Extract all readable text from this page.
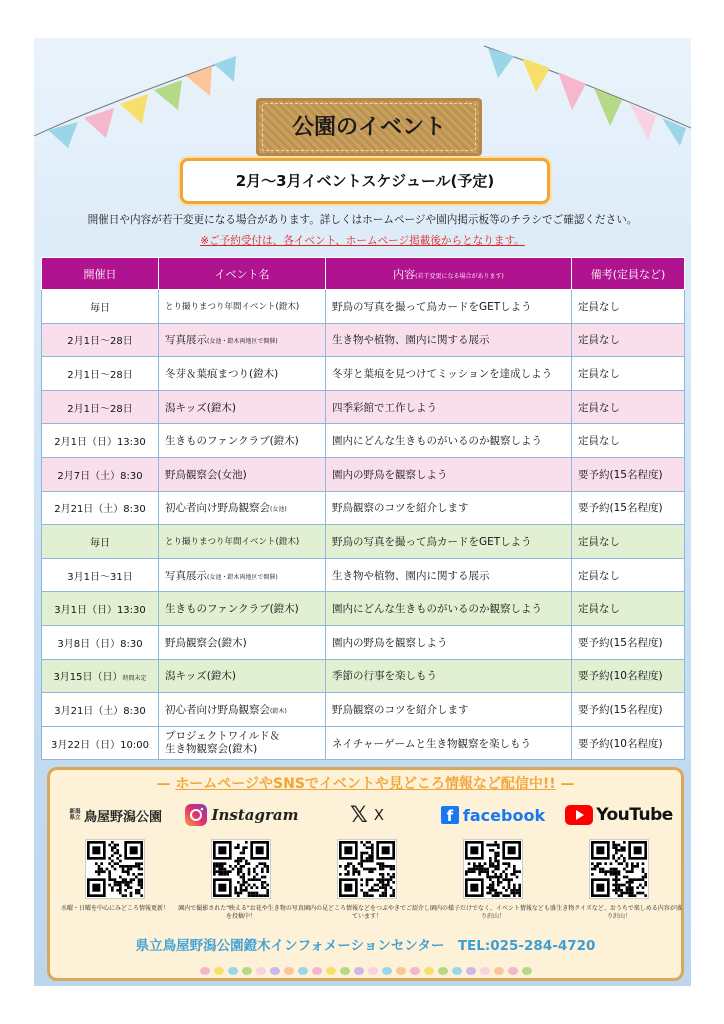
公園のイベント
2月〜3月イベントスケジュール(予定)
開催日や内容が若干変更になる場合があります。詳しくはホームページや園内掲示板等のチラシでご確認ください。
※ご予約受付は、各イベント、ホームページ掲載後からとなります。
開催日	イベント名	内容(若干変更になる場合があります)	備考(定員など)
毎日	とり撮りまつり年間イベント(鐙木)	野鳥の写真を撮って鳥カードをGETしよう	定員なし
2月1日〜28日	写真展示(女池・鐙木両地区で開催)	生き物や植物、園内に関する展示	定員なし
2月1日〜28日	冬芽＆葉痕まつり(鐙木)	冬芽と葉痕を見つけてミッションを達成しよう	定員なし
2月1日〜28日	潟キッズ(鐙木)	四季彩館で工作しよう	定員なし
2月1日（日）13:30	生きものファンクラブ(鐙木)	園内にどんな生きものがいるのか観察しよう	定員なし
2月7日（土）8:30	野鳥観察会(女池)	園内の野鳥を観察しよう	要予約(15名程度)
2月21日（土）8:30	初心者向け野鳥観察会(女池)	野鳥観察のコツを紹介します	要予約(15名程度)
毎日	とり撮りまつり年間イベント(鐙木)	野鳥の写真を撮って鳥カードをGETしよう	定員なし
3月1日〜31日	写真展示(女池・鐙木両地区で開催)	生き物や植物、園内に関する展示	定員なし
3月1日（日）13:30	生きものファンクラブ(鐙木)	園内にどんな生きものがいるのか観察しよう	定員なし
3月8日（日）8:30	野鳥観察会(鐙木)	園内の野鳥を観察しよう	要予約(15名程度)
3月15日（日）時間未定	潟キッズ(鐙木)	季節の行事を楽しもう	要予約(10名程度)
3月21日（土）8:30	初心者向け野鳥観察会(鐙木)	野鳥観察のコツを紹介します	要予約(15名程度)
3月22日（日）10:00	プロジェクトワイルド＆
生き物観察会(鐙木)	ネイチャーゲームと生き物観察を楽しもう	要予約(10名程度)
— ホームページやSNSでイベントや見どころ情報など配信中!! —
新潟県立 鳥屋野潟公園
水曜・日曜を中心にみどころ情報更新！
Instagram
園内で撮影された"映える"お花や生き物の写真を投稿中！
𝕏 X
園内の見どころ情報などをつぶやきでご紹介しています！
f facebook
園内の様子だけでなく、イベント情報なども盛り沢山！
YouTube
生き物クイズなど、おうちで楽しめる内容が盛り沢山！
県立鳥屋野潟公園鐙木インフォメーションセンター　TEL:025-284-4720
